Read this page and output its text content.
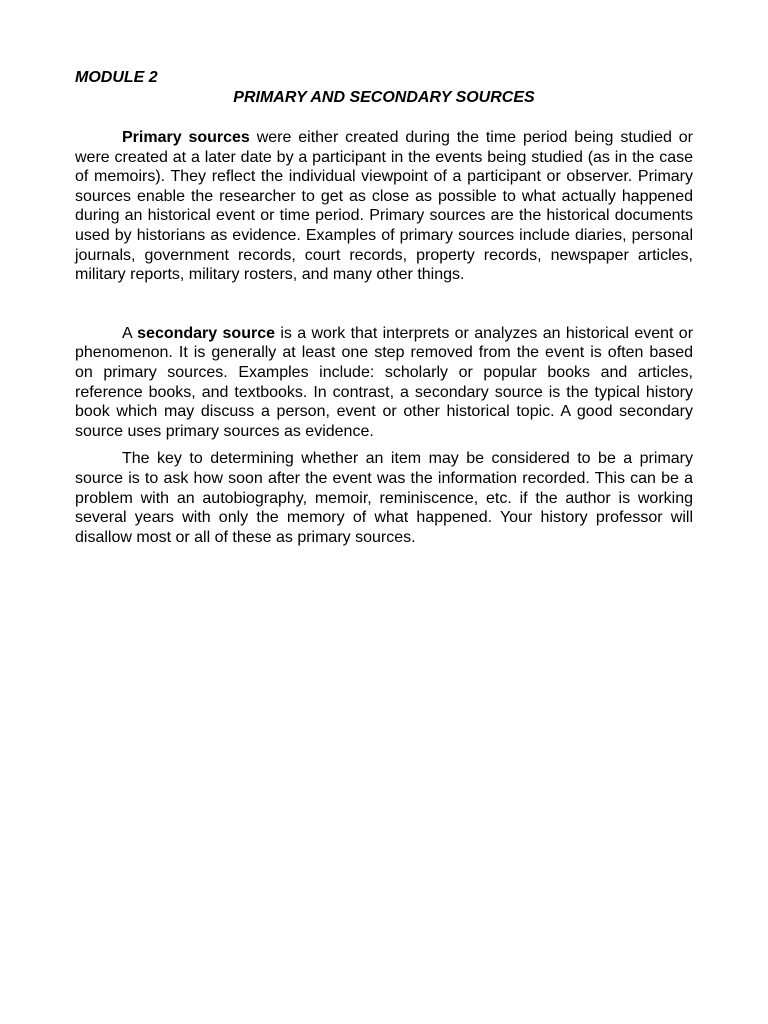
MODULE 2

PRIMARY AND SECONDARY SOURCES

Primary sources were either created during the time period being studied or were created at a later date by a participant in the events being studied (as in the case of memoirs). They reflect the individual viewpoint of a participant or observer. Primary sources enable the researcher to get as close as possible to what actually happened during an historical event or time period. Primary sources are the historical documents used by historians as evidence. Examples of primary sources include diaries, personal journals, government records, court records, property records, newspaper articles, military reports, military rosters, and many other things.

A secondary source is a work that interprets or analyzes an historical event or phenomenon. It is generally at least one step removed from the event is often based on primary sources. Examples include: scholarly or popular books and articles, reference books, and textbooks. In contrast, a secondary source is the typical history book which may discuss a person, event or other historical topic. A good secondary source uses primary sources as evidence.

The key to determining whether an item may be considered to be a primary source is to ask how soon after the event was the information recorded. This can be a problem with an autobiography, memoir, reminiscence, etc. if the author is working several years with only the memory of what happened. Your history professor will disallow most or all of these as primary sources.
